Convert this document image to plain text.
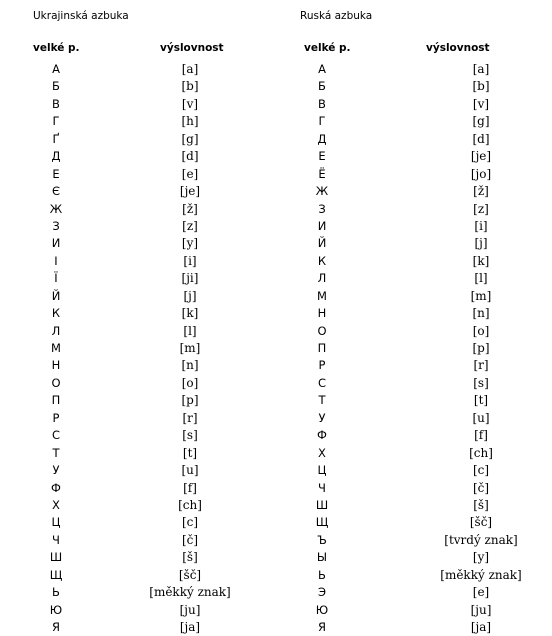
Ukrajinská azbuka
velké p.	výslovnost
А	[a]
Б	[b]
В	[v]
Г	[h]
Ґ	[g]
Д	[d]
Е	[e]
Є	[je]
Ж	[ž]
З	[z]
И	[y]
І	[i]
Ї	[ji]
Й	[j]
К	[k]
Л	[l]
М	[m]
Н	[n]
О	[o]
П	[p]
Р	[r]
С	[s]
Т	[t]
У	[u]
Ф	[f]
Х	[ch]
Ц	[c]
Ч	[č]
Ш	[š]
Щ	[šč]
Ь	[měkký znak]
Ю	[ju]
Я	[ja]
Ruská azbuka
velké p.	výslovnost
А	[a]
Б	[b]
В	[v]
Г	[g]
Д	[d]
Е	[je]
Ё	[jo]
Ж	[ž]
З	[z]
И	[i]
Й	[j]
К	[k]
Л	[l]
М	[m]
Н	[n]
О	[o]
П	[p]
Р	[r]
С	[s]
Т	[t]
У	[u]
Ф	[f]
Х	[ch]
Ц	[c]
Ч	[č]
Ш	[š]
Щ	[šč]
Ъ	[tvrdý znak]
Ы	[y]
Ь	[měkký znak]
Э	[e]
Ю	[ju]
Я	[ja]
